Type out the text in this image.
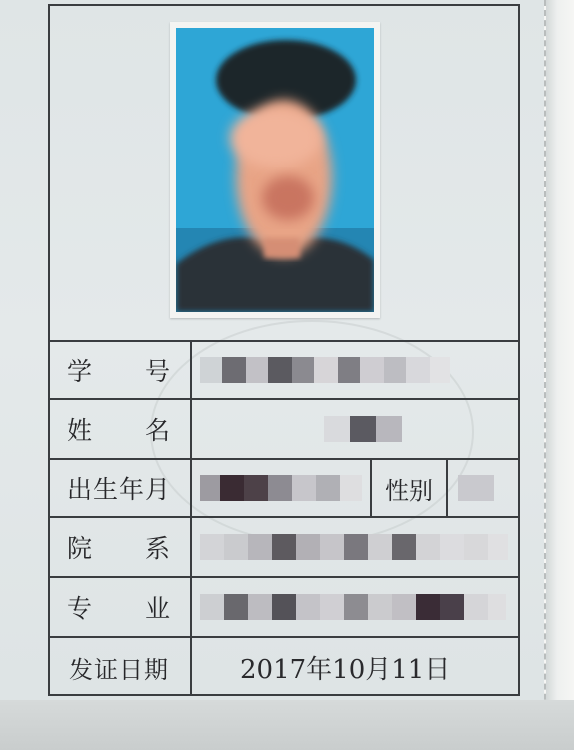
学 号
姓 名
出生年月	性别
院 系
专 业
发证日期	2017年10月11日
